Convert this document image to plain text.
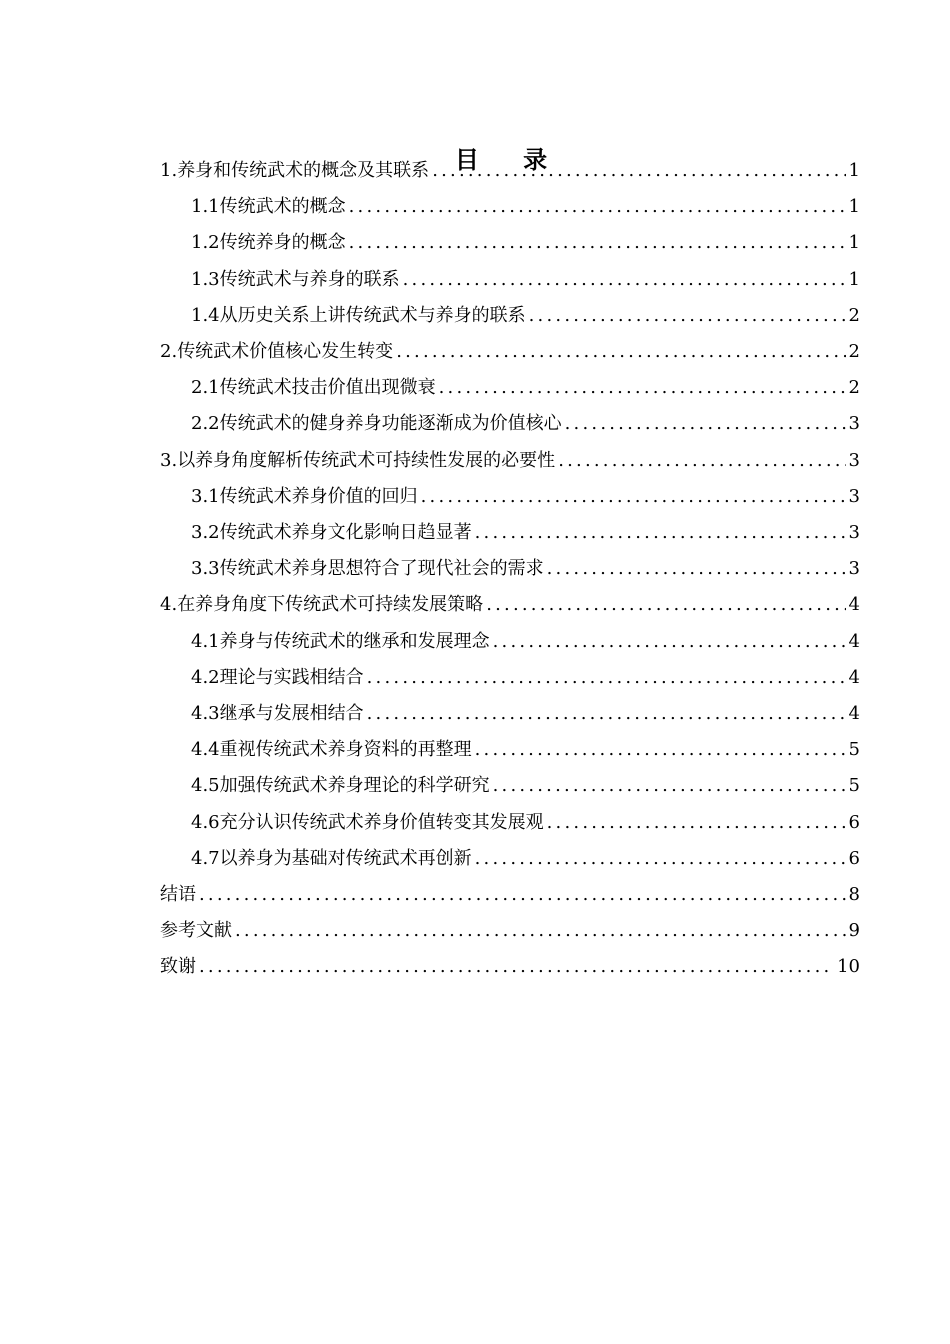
目 录
1. 养身和传统武术的概念及其联系 .....	1
1.1 传统武术的概念 .....	1
1.2 传统养身的概念 .....	1
1.3 传统武术与养身的联系 .....	1
1.4 从历史关系上讲传统武术与养身的联系 .....	2
2. 传统武术价值核心发生转变 .....	2
2.1 传统武术技击价值出现微衰 .....	2
2.2 传统武术的健身养身功能逐渐成为价值核心 .....	3
3. 以养身角度解析传统武术可持续性发展的必要性 .....	3
3.1 传统武术养身价值的回归 .....	3
3.2 传统武术养身文化影响日趋显著 .....	3
3.3 传统武术养身思想符合了现代社会的需求 .....	3
4. 在养身角度下传统武术可持续发展策略 .....	4
4.1 养身与传统武术的继承和发展理念 .....	4
4.2 理论与实践相结合 .....	4
4.3 继承与发展相结合 .....	4
4.4 重视传统武术养身资料的再整理 .....	5
4.5 加强传统武术养身理论的科学研究 .....	5
4.6 充分认识传统武术养身价值转变其发展观 .....	6
4.7 以养身为基础对传统武术再创新 .....	6
结语 .....	8
参考文献 .....	9
致谢 .....	10
